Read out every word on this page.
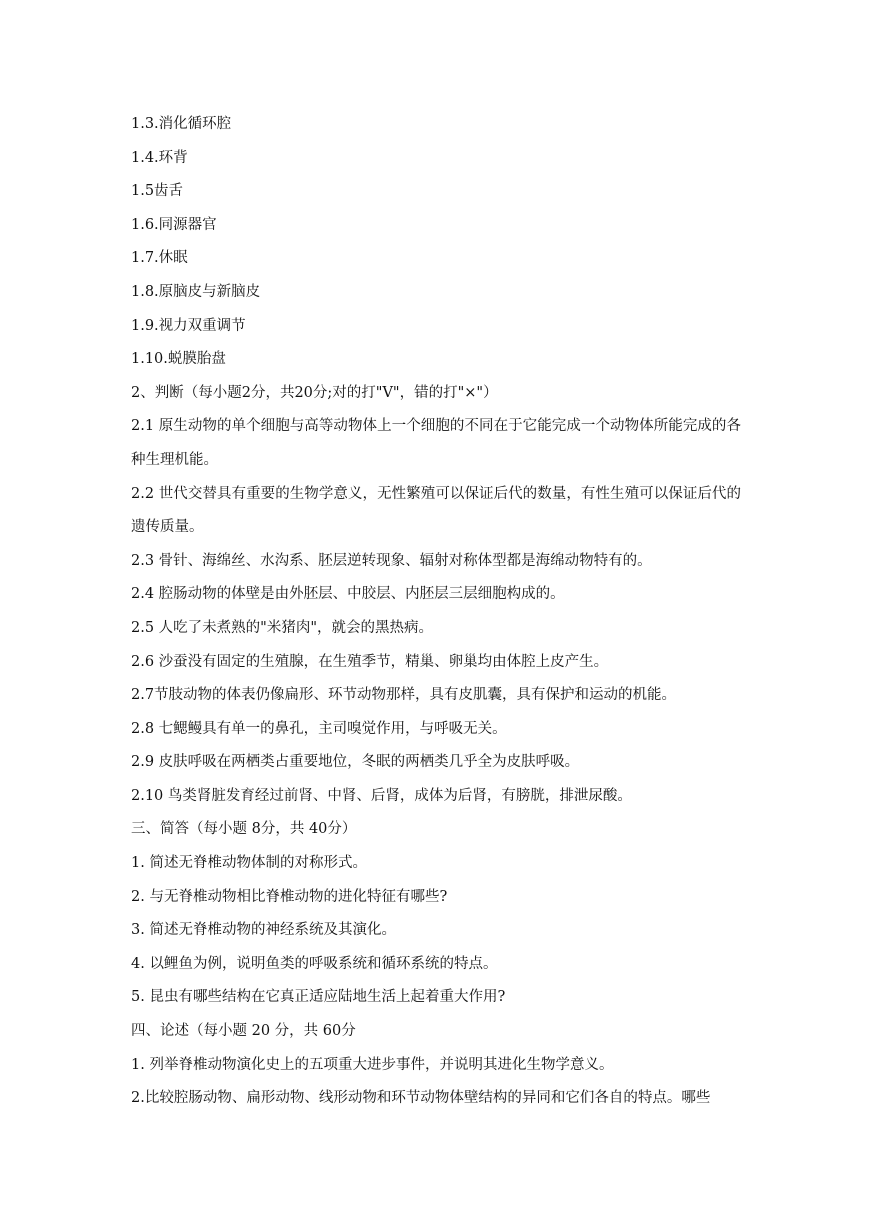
1.3.消化循环腔
1.4.环背
1.5齿舌
1.6.同源器官
1.7.休眠
1.8.原脑皮与新脑皮
1.9.视力双重调节
1.10.蜕膜胎盘
2、判断（每小题2分，共20分;对的打"V"，错的打"×"）
2.1 原生动物的单个细胞与高等动物体上一个细胞的不同在于它能完成一个动物体所能完成的各种生理机能。
2.2 世代交替具有重要的生物学意义，无性繁殖可以保证后代的数量，有性生殖可以保证后代的遗传质量。
2.3 骨针、海绵丝、水沟系、胚层逆转现象、辐射对称体型都是海绵动物特有的。
2.4 腔肠动物的体壁是由外胚层、中胶层、内胚层三层细胞构成的。
2.5 人吃了未煮熟的"米猪肉"，就会的黑热病。
2.6 沙蚕没有固定的生殖腺，在生殖季节，精巢、卵巢均由体腔上皮产生。
2.7节肢动物的体表仍像扁形、环节动物那样，具有皮肌囊，具有保护和运动的机能。
2.8 七鳃鳗具有单一的鼻孔，主司嗅觉作用，与呼吸无关。
2.9 皮肤呼吸在两栖类占重要地位，冬眠的两栖类几乎全为皮肤呼吸。
2.10 鸟类肾脏发育经过前肾、中肾、后肾，成体为后肾，有膀胱，排泄尿酸。
三、简答（每小题 8分，共 40分）
1. 简述无脊椎动物体制的对称形式。
2. 与无脊椎动物相比脊椎动物的进化特征有哪些?
3. 简述无脊椎动物的神经系统及其演化。
4. 以鲤鱼为例，说明鱼类的呼吸系统和循环系统的特点。
5. 昆虫有哪些结构在它真正适应陆地生活上起着重大作用?
四、论述（每小题 20 分，共 60分
1. 列举脊椎动物演化史上的五项重大进步事件，并说明其进化生物学意义。
2.比较腔肠动物、扁形动物、线形动物和环节动物体壁结构的异同和它们各自的特点。哪些
